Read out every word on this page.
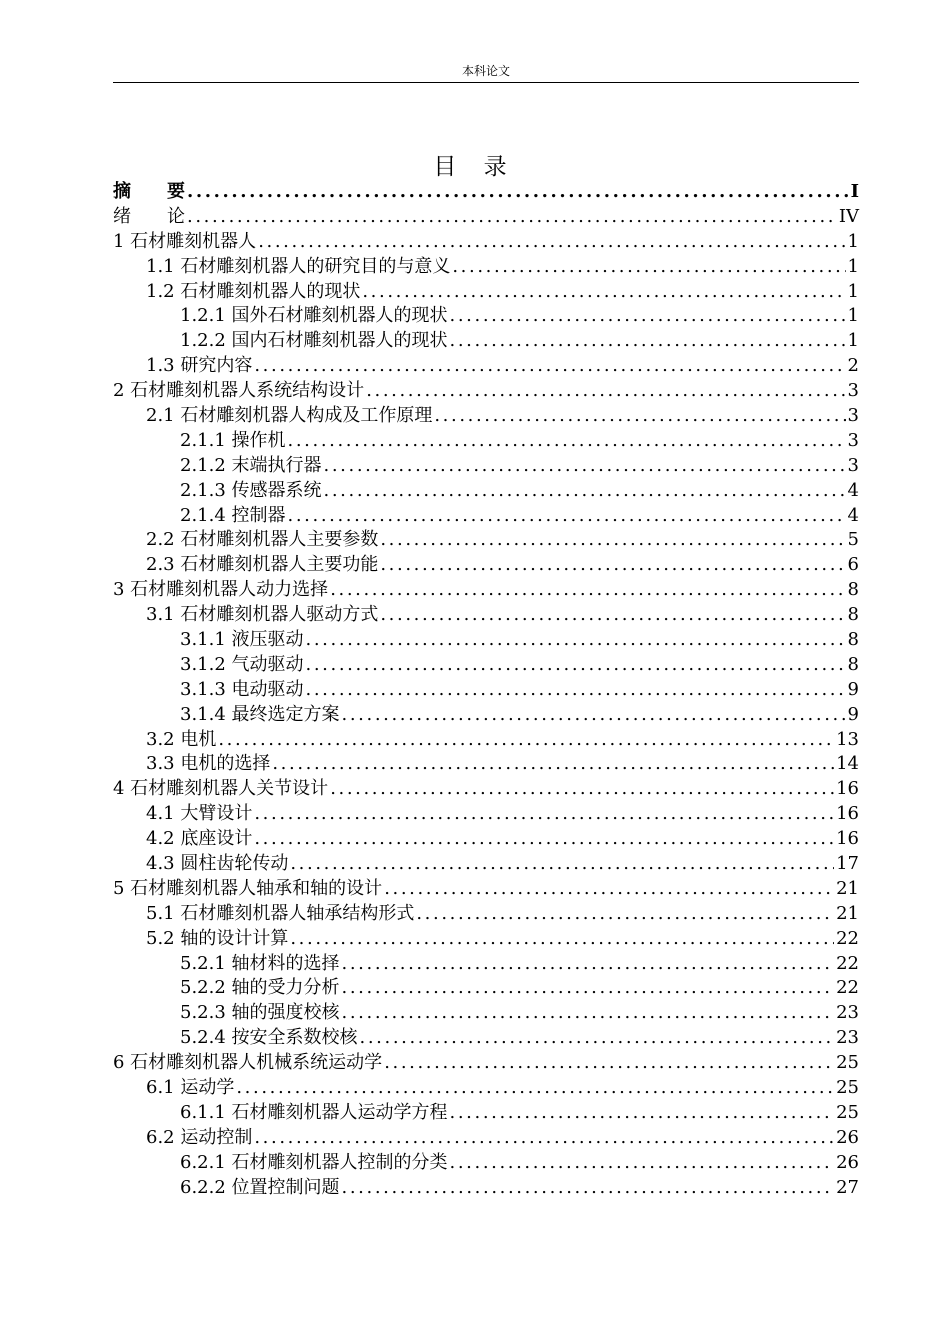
本科论文
目 录
摘　　要 .....	I
绪　　论 .....	IV
1 石材雕刻机器人 .....	1
1.1 石材雕刻机器人的研究目的与意义 .....	1
1.2 石材雕刻机器人的现状 .....	1
1.2.1 国外石材雕刻机器人的现状 .....	1
1.2.2 国内石材雕刻机器人的现状 .....	1
1.3 研究内容 .....	2
2 石材雕刻机器人系统结构设计 .....	3
2.1 石材雕刻机器人构成及工作原理 .....	3
2.1.1 操作机 .....	3
2.1.2 末端执行器 .....	3
2.1.3 传感器系统 .....	4
2.1.4 控制器 .....	4
2.2 石材雕刻机器人主要参数 .....	5
2.3 石材雕刻机器人主要功能 .....	6
3 石材雕刻机器人动力选择 .....	8
3.1 石材雕刻机器人驱动方式 .....	8
3.1.1 液压驱动 .....	8
3.1.2 气动驱动 .....	8
3.1.3 电动驱动 .....	9
3.1.4 最终选定方案 .....	9
3.2 电机 .....	13
3.3 电机的选择 .....	14
4 石材雕刻机器人关节设计 .....	16
4.1 大臂设计 .....	16
4.2 底座设计 .....	16
4.3 圆柱齿轮传动 .....	17
5 石材雕刻机器人轴承和轴的设计 .....	21
5.1 石材雕刻机器人轴承结构形式 .....	21
5.2 轴的设计计算 .....	22
5.2.1 轴材料的选择 .....	22
5.2.2 轴的受力分析 .....	22
5.2.3 轴的强度校核 .....	23
5.2.4 按安全系数校核 .....	23
6 石材雕刻机器人机械系统运动学 .....	25
6.1 运动学 .....	25
6.1.1 石材雕刻机器人运动学方程 .....	25
6.2 运动控制 .....	26
6.2.1 石材雕刻机器人控制的分类 .....	26
6.2.2 位置控制问题 .....	27
